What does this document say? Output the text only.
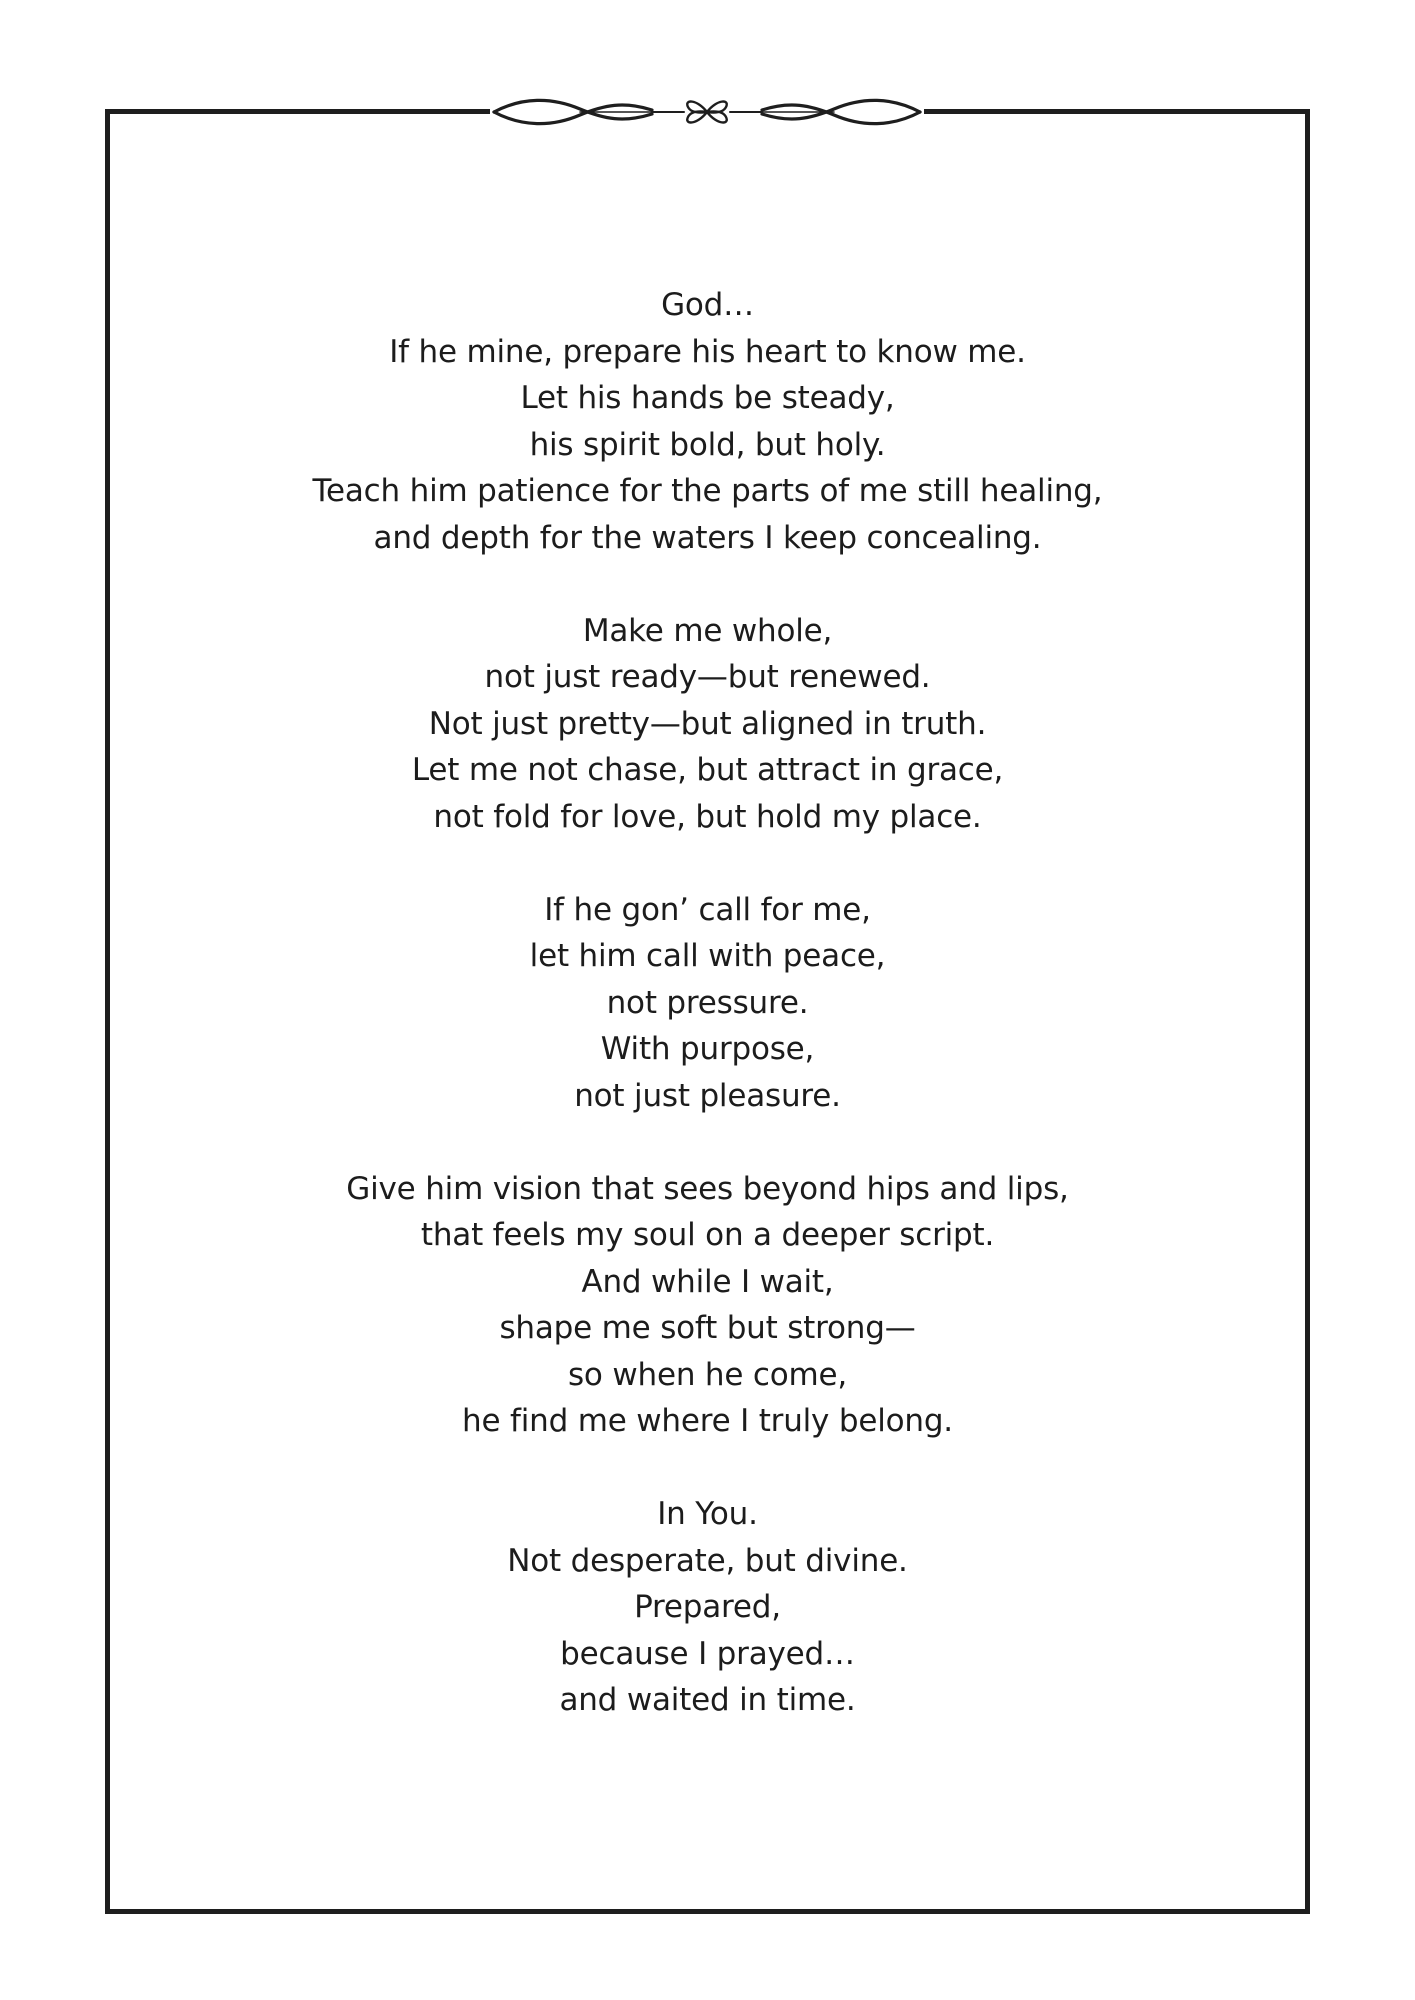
God…
If he mine, prepare his heart to know me.
Let his hands be steady,
his spirit bold, but holy.
Teach him patience for the parts of me still healing,
and depth for the waters I keep concealing.
Make me whole,
not just ready—but renewed.
Not just pretty—but aligned in truth.
Let me not chase, but attract in grace,
not fold for love, but hold my place.
If he gon’ call for me,
let him call with peace,
not pressure.
With purpose,
not just pleasure.
Give him vision that sees beyond hips and lips,
that feels my soul on a deeper script.
And while I wait,
shape me soft but strong—
so when he come,
he find me where I truly belong.
In You.
Not desperate, but divine.
Prepared,
because I prayed…
and waited in time.
